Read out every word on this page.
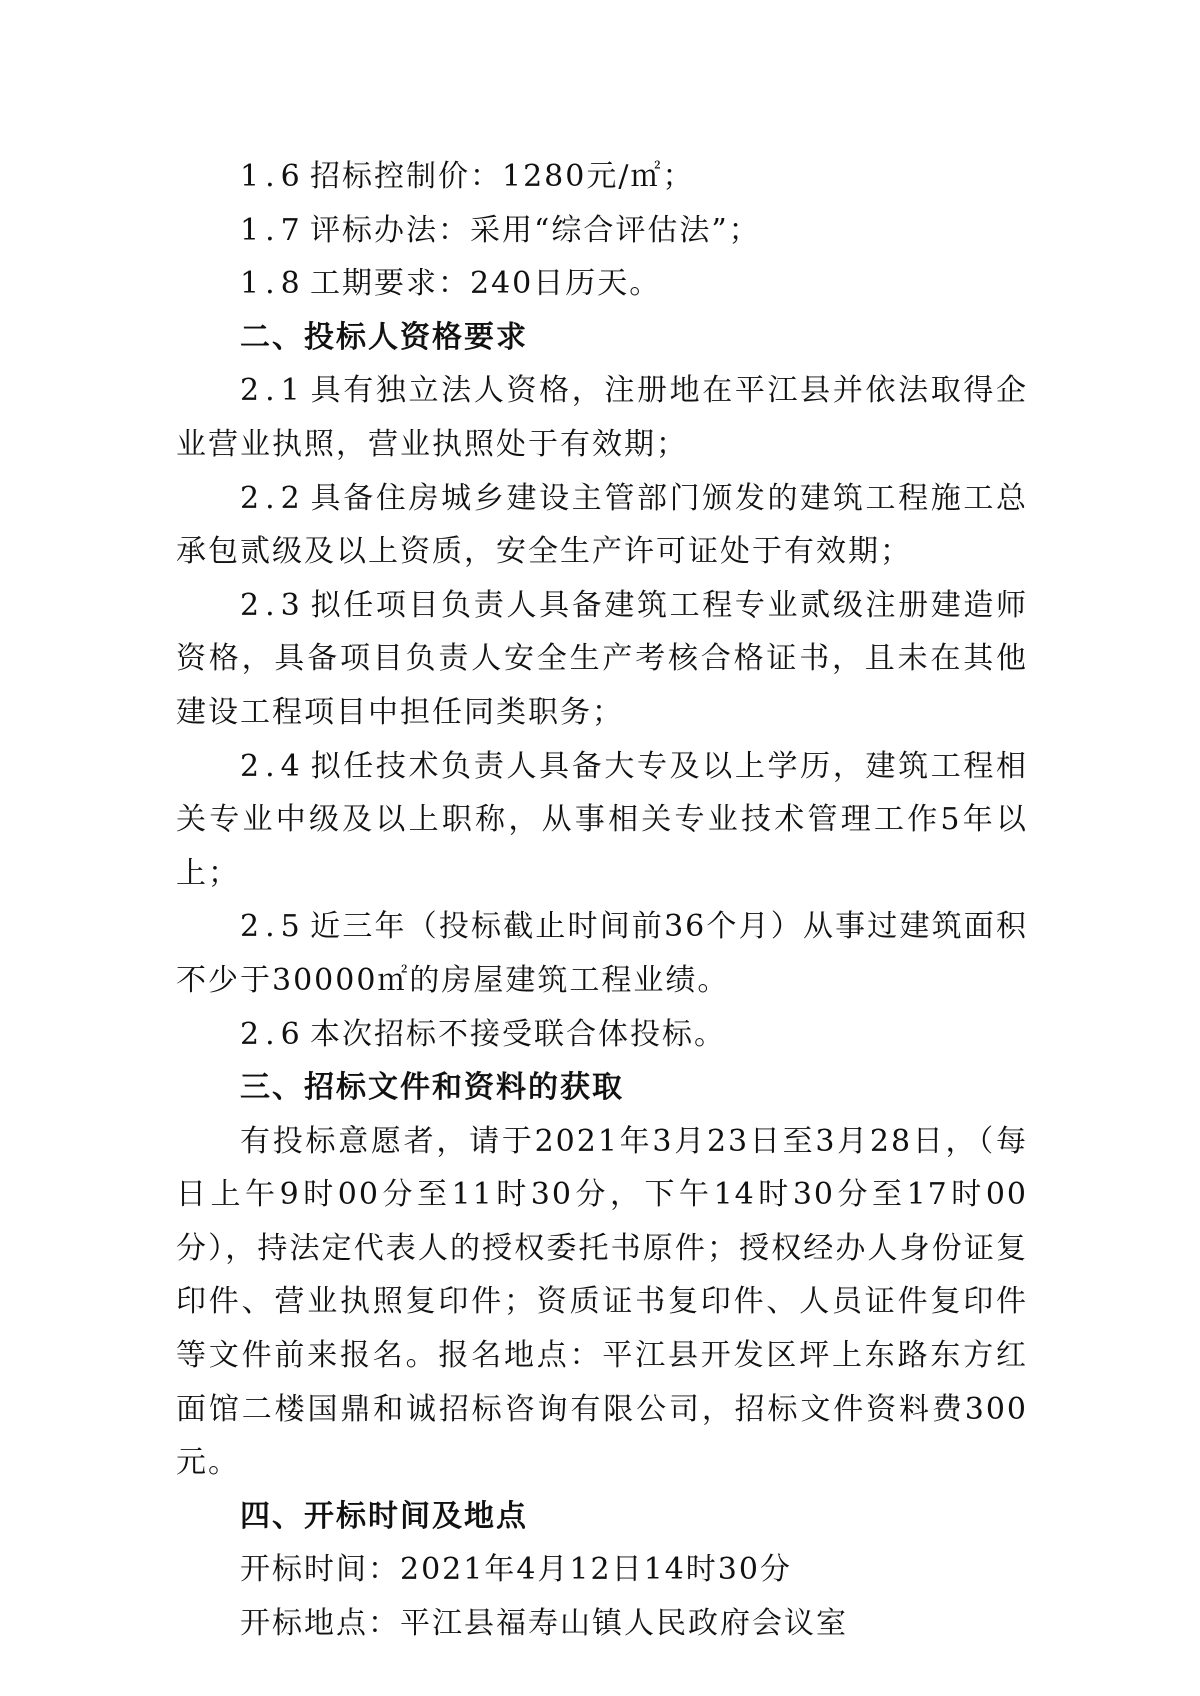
1.6 招标控制价：1280元/㎡；

1.7 评标办法：采用“综合评估法”；

1.8 工期要求：240日历天。

二、投标人资格要求

2.1 具有独立法人资格，注册地在平江县并依法取得企业营业执照，营业执照处于有效期；

2.2 具备住房城乡建设主管部门颁发的建筑工程施工总承包贰级及以上资质，安全生产许可证处于有效期；

2.3 拟任项目负责人具备建筑工程专业贰级注册建造师资格，具备项目负责人安全生产考核合格证书，且未在其他建设工程项目中担任同类职务；

2.4 拟任技术负责人具备大专及以上学历，建筑工程相关专业中级及以上职称，从事相关专业技术管理工作5年以上；

2.5 近三年（投标截止时间前36个月）从事过建筑面积不少于30000㎡的房屋建筑工程业绩。

2.6 本次招标不接受联合体投标。

三、招标文件和资料的获取

有投标意愿者，请于2021年3月23日至3月28日，（每日上午9时00分至11时30分，下午14时30分至17时00分），持法定代表人的授权委托书原件；授权经办人身份证复印件、营业执照复印件；资质证书复印件、人员证件复印件等文件前来报名。报名地点：平江县开发区坪上东路东方红面馆二楼国鼎和诚招标咨询有限公司，招标文件资料费300元。

四、开标时间及地点

开标时间：2021年4月12日14时30分

开标地点：平江县福寿山镇人民政府会议室
